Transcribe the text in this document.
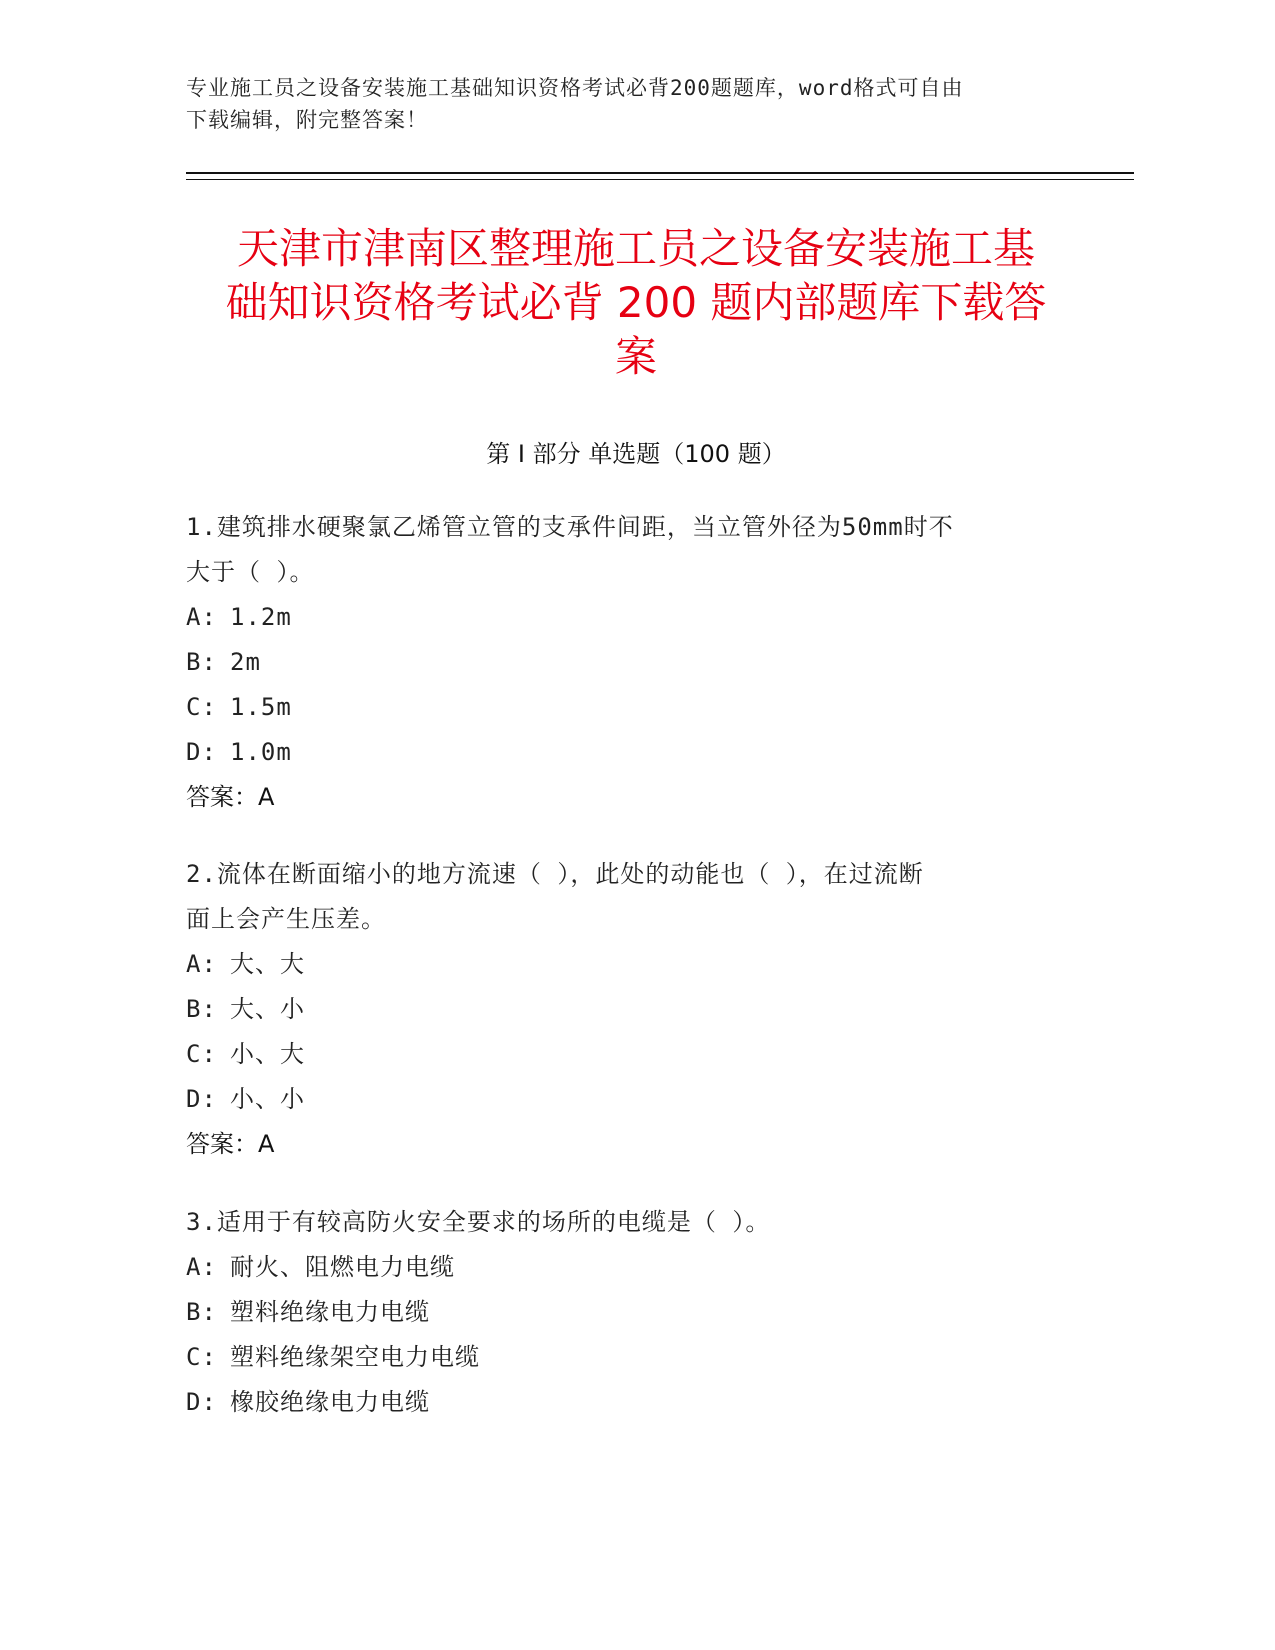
专业施工员之设备安装施工基础知识资格考试必背200题题库，word格式可自由
下载编辑，附完整答案！
天津市津南区整理施工员之设备安装施工基
础知识资格考试必背 200 题内部题库下载答
案
第 I 部分 单选题（100 题）
1.建筑排水硬聚氯乙烯管立管的支承件间距，当立管外径为50mm时不
大于（ ）。
A: 1.2m
B: 2m
C: 1.5m
D: 1.0m
答案：A
2.流体在断面缩小的地方流速（ ），此处的动能也（ ），在过流断
面上会产生压差。
A: 大、大
B: 大、小
C: 小、大
D: 小、小
答案：A
3.适用于有较高防火安全要求的场所的电缆是（ ）。
A: 耐火、阻燃电力电缆
B: 塑料绝缘电力电缆
C: 塑料绝缘架空电力电缆
D: 橡胶绝缘电力电缆
